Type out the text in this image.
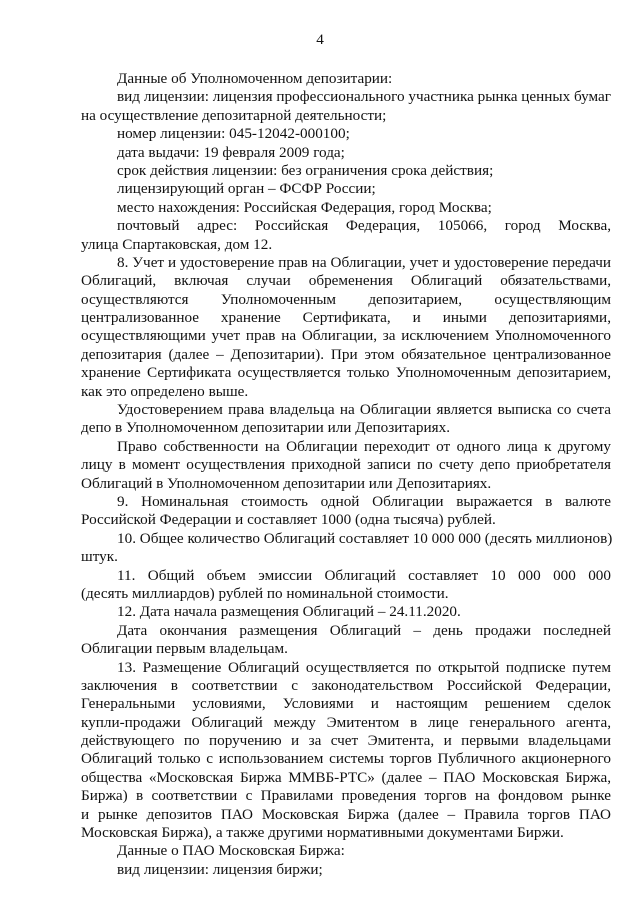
4
Данные об Уполномоченном депозитарии:
вид лицензии: лицензия профессионального участника рынка ценных бумаг
на осуществление депозитарной деятельности;
номер лицензии: 045-12042-000100;
дата выдачи: 19 февраля 2009 года;
срок действия лицензии: без ограничения срока действия;
лицензирующий орган – ФСФР России;
место нахождения: Российская Федерация, город Москва;
почтовый адрес: Российская Федерация, 105066, город Москва,
улица Спартаковская, дом 12.
8. Учет и удостоверение прав на Облигации, учет и удостоверение передачи
Облигаций, включая случаи обременения Облигаций обязательствами,
осуществляются Уполномоченным депозитарием, осуществляющим
централизованное хранение Сертификата, и иными депозитариями,
осуществляющими учет прав на Облигации, за исключением Уполномоченного
депозитария (далее – Депозитарии). При этом обязательное централизованное
хранение Сертификата осуществляется только Уполномоченным депозитарием,
как это определено выше.
Удостоверением права владельца на Облигации является выписка со счета
депо в Уполномоченном депозитарии или Депозитариях.
Право собственности на Облигации переходит от одного лица к другому
лицу в момент осуществления приходной записи по счету депо приобретателя
Облигаций в Уполномоченном депозитарии или Депозитариях.
9. Номинальная стоимость одной Облигации выражается в валюте
Российской Федерации и составляет 1000 (одна тысяча) рублей.
10. Общее количество Облигаций составляет 10 000 000 (десять миллионов)
штук.
11. Общий объем эмиссии Облигаций составляет 10 000 000 000
(десять миллиардов) рублей по номинальной стоимости.
12. Дата начала размещения Облигаций – 24.11.2020.
Дата окончания размещения Облигаций – день продажи последней
Облигации первым владельцам.
13. Размещение Облигаций осуществляется по открытой подписке путем
заключения в соответствии с законодательством Российской Федерации,
Генеральными условиями, Условиями и настоящим решением сделок
купли-продажи Облигаций между Эмитентом в лице генерального агента,
действующего по поручению и за счет Эмитента, и первыми владельцами
Облигаций только с использованием системы торгов Публичного акционерного
общества «Московская Биржа ММВБ-РТС» (далее – ПАО Московская Биржа,
Биржа) в соответствии с Правилами проведения торгов на фондовом рынке
и рынке депозитов ПАО Московская Биржа (далее – Правила торгов ПАО
Московская Биржа), а также другими нормативными документами Биржи.
Данные о ПАО Московская Биржа:
вид лицензии: лицензия биржи;
